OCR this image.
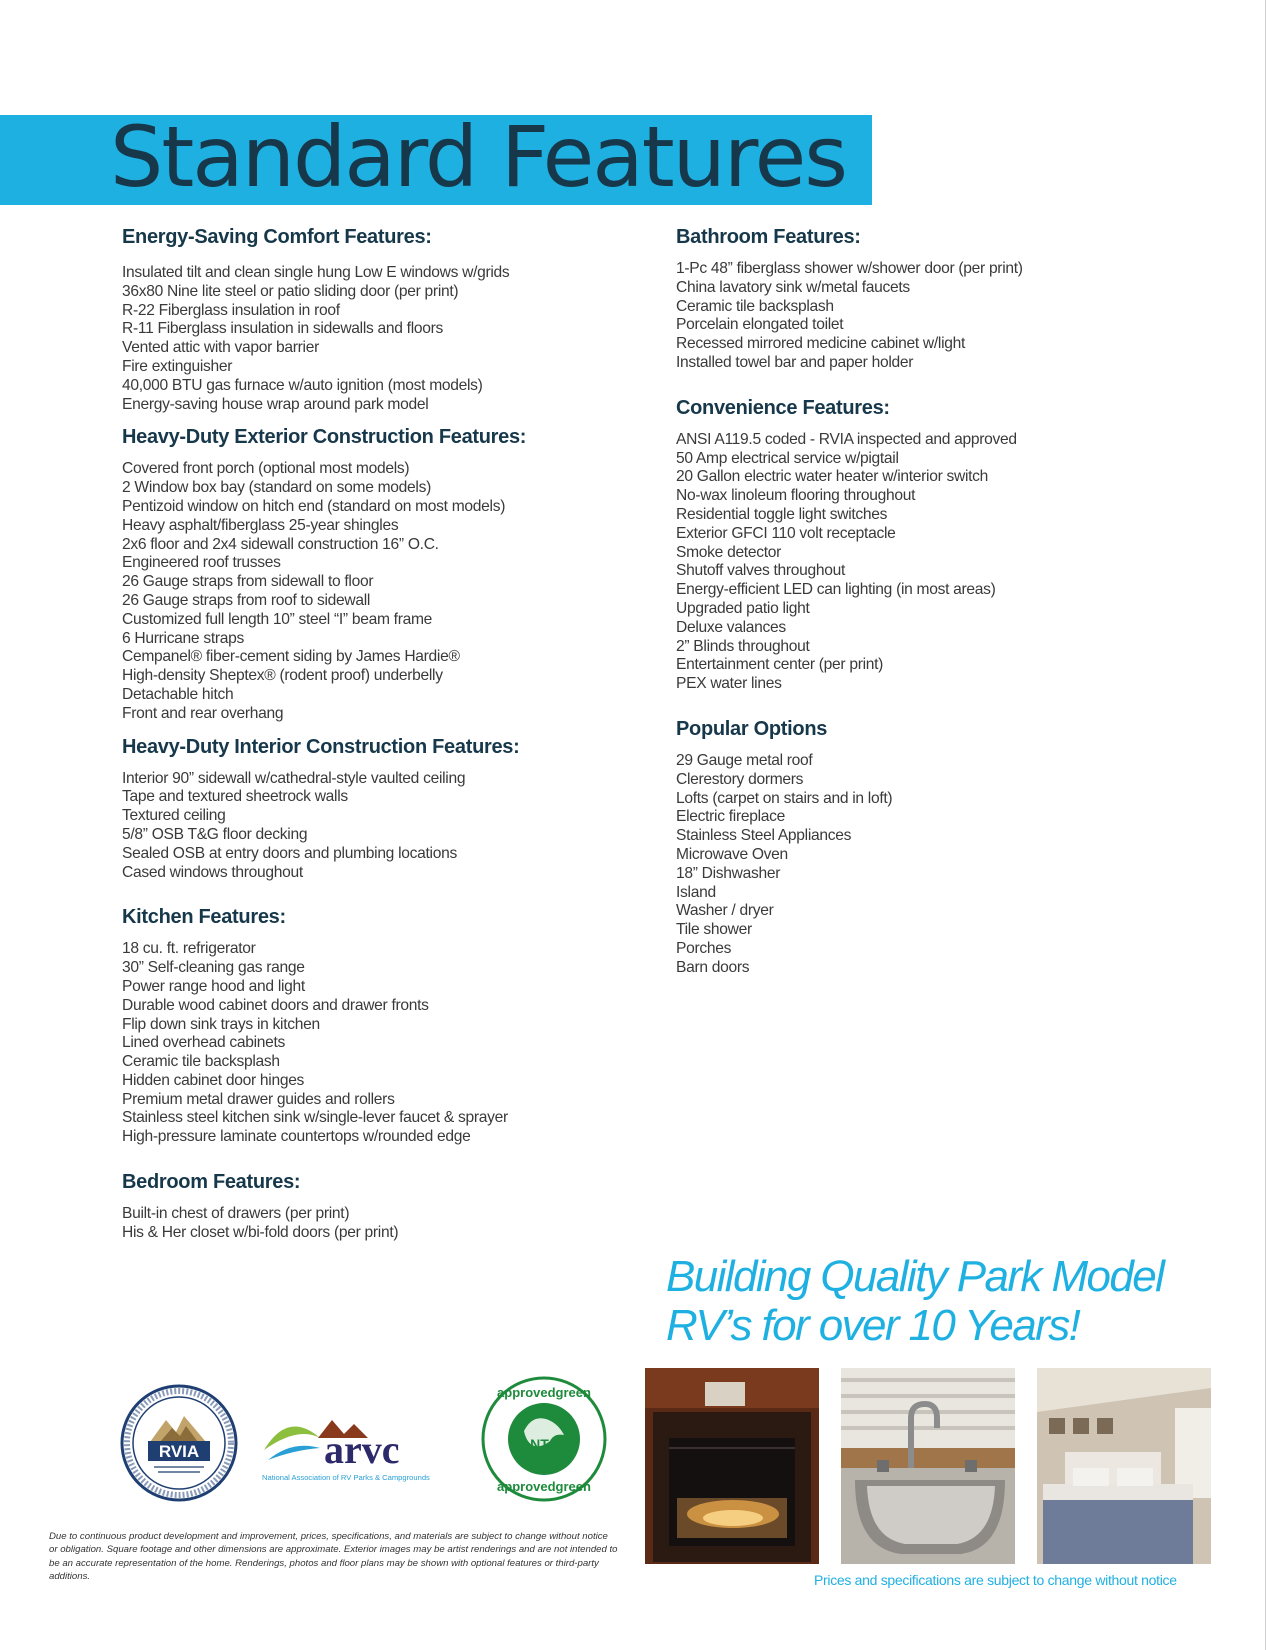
Standard Features
Energy-Saving Comfort Features:
Insulated tilt and clean single hung Low E windows w/grids
36x80 Nine lite steel or patio sliding door (per print)
R-22 Fiberglass insulation in roof
R-11 Fiberglass insulation in sidewalls and floors
Vented attic with vapor barrier
Fire extinguisher
40,000 BTU gas furnace w/auto ignition (most models)
Energy-saving house wrap around park model
Heavy-Duty Exterior Construction Features:
Covered front porch (optional most models)
2 Window box bay (standard on some models)
Pentizoid window on hitch end (standard on most models)
Heavy asphalt/fiberglass 25-year shingles
2x6 floor and 2x4 sidewall construction 16” O.C.
Engineered roof trusses
26 Gauge straps from sidewall to floor
26 Gauge straps from roof to sidewall
Customized full length 10” steel “I” beam frame
6 Hurricane straps
Cempanel® fiber-cement siding by James Hardie®
High-density Sheptex® (rodent proof) underbelly
Detachable hitch
Front and rear overhang
Heavy-Duty Interior Construction Features:
Interior 90” sidewall w/cathedral-style vaulted ceiling
Tape and textured sheetrock walls
Textured ceiling
5/8” OSB T&G floor decking
Sealed OSB at entry doors and plumbing locations
Cased windows throughout
Kitchen Features:
18 cu. ft. refrigerator
30” Self-cleaning gas range
Power range hood and light
Durable wood cabinet doors and drawer fronts
Flip down sink trays in kitchen
Lined overhead cabinets
Ceramic tile backsplash
Hidden cabinet door hinges
Premium metal drawer guides and rollers
Stainless steel kitchen sink w/single-lever faucet & sprayer
High-pressure laminate countertops w/rounded edge
Bedroom Features:
Built-in chest of drawers (per print)
His & Her closet w/bi-fold doors (per print)
Bathroom Features:
1-Pc 48” fiberglass shower w/shower door (per print)
China lavatory sink w/metal faucets
Ceramic tile backsplash
Porcelain elongated toilet
Recessed mirrored medicine cabinet w/light
Installed towel bar and paper holder
Convenience Features:
ANSI A119.5 coded - RVIA inspected and approved
50 Amp electrical service w/pigtail
20 Gallon electric water heater w/interior switch
No-wax linoleum flooring throughout
Residential toggle light switches
Exterior GFCI 110 volt receptacle
Smoke detector
Shutoff valves throughout
Energy-efficient LED can lighting (in most areas)
Upgraded patio light
Deluxe valances
2” Blinds throughout
Entertainment center (per print)
PEX water lines
Popular Options
29 Gauge metal roof
Clerestory dormers
Lofts (carpet on stairs and in loft)
Electric fireplace
Stainless Steel Appliances
Microwave Oven
18” Dishwasher
Island
Washer / dryer
Tile shower
Porches
Barn doors
Building Quality Park Model
RV’s for over 10 Years!
RVIA	arvc
National Association of RV Parks & Campgrounds
NTA
approvedgreen
approvedgreen
Due to continuous product development and improvement, prices, specifications, and materials are subject to change without notice or obligation. Square footage and other dimensions are approximate. Exterior images may be artist renderings and are not intended to be an accurate representation of the home. Renderings, photos and floor plans may be shown with optional features or third-party additions.	Prices and specifications are subject to change without notice
